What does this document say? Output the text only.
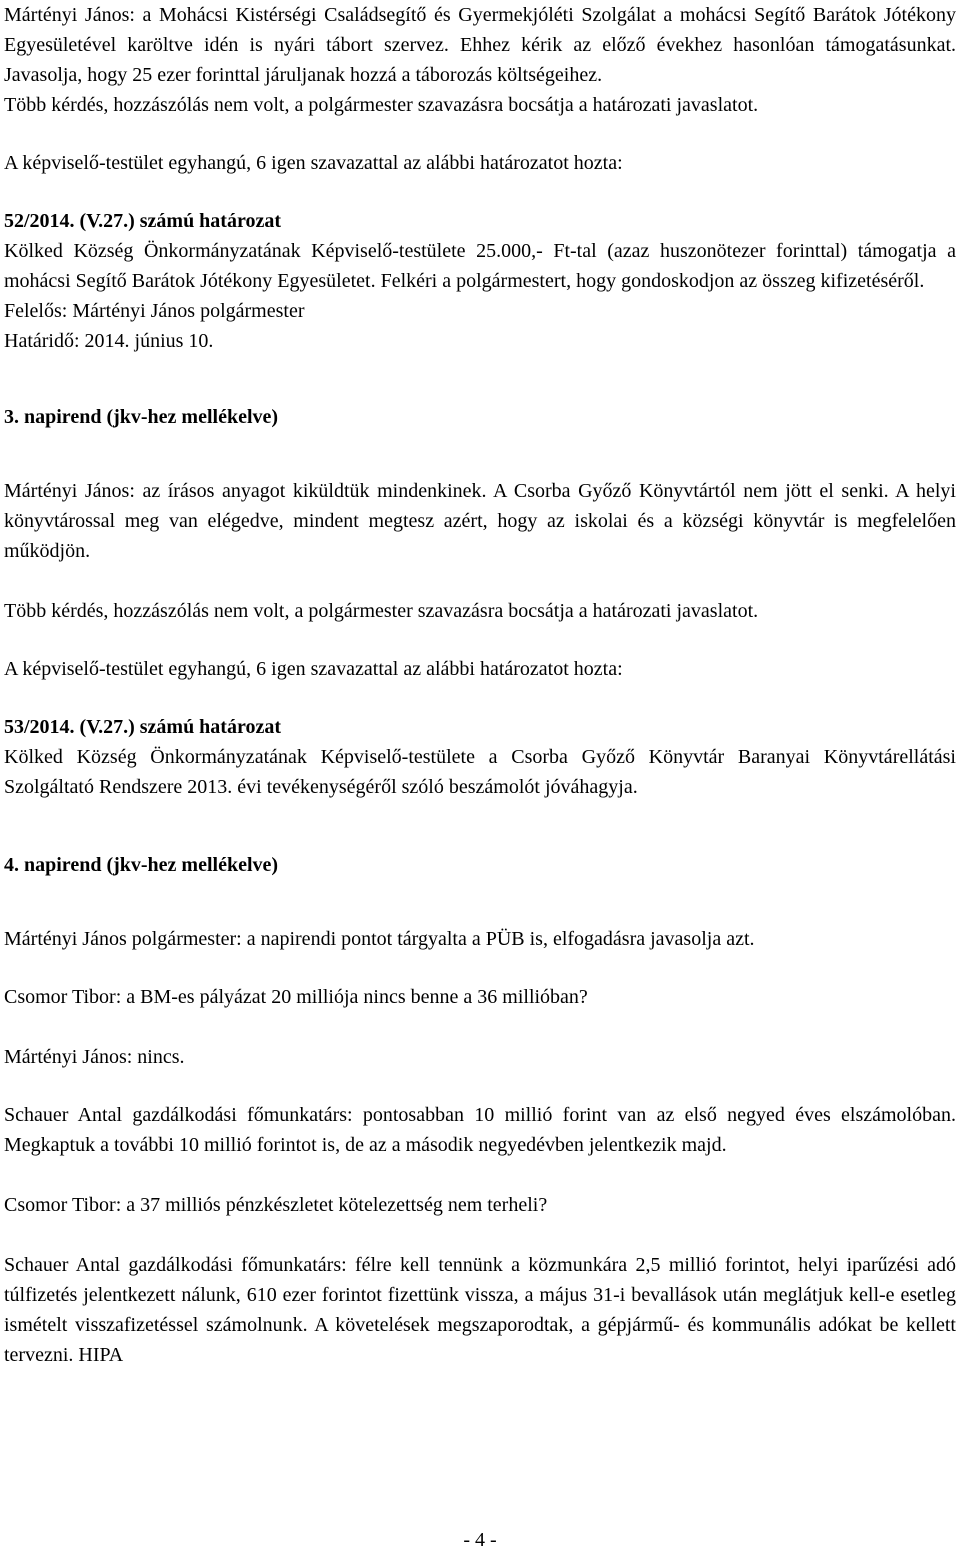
Mártényi János: a Mohácsi Kistérségi Családsegítő és Gyermekjóléti Szolgálat a mohácsi Segítő Barátok Jótékony Egyesületével karöltve idén is nyári tábort szervez. Ehhez kérik az előző évekhez hasonlóan támogatásunkat. Javasolja, hogy 25 ezer forinttal járuljanak hozzá a táborozás költségeihez.

Több kérdés, hozzászólás nem volt, a polgármester szavazásra bocsátja a határozati javaslatot.

A képviselő-testület egyhangú, 6 igen szavazattal az alábbi határozatot hozta:

52/2014. (V.27.) számú határozat

Kölked Község Önkormányzatának Képviselő-testülete 25.000,- Ft-tal (azaz huszonötezer forinttal) támogatja a mohácsi Segítő Barátok Jótékony Egyesületet. Felkéri a polgármestert, hogy gondoskodjon az összeg kifizetéséről.

Felelős: Mártényi János polgármester

Határidő: 2014. június 10.

3. napirend (jkv-hez mellékelve)

Mártényi János: az írásos anyagot kiküldtük mindenkinek. A Csorba Győző Könyvtártól nem jött el senki. A helyi könyvtárossal meg van elégedve, mindent megtesz azért, hogy az iskolai és a községi könyvtár is megfelelően működjön.

Több kérdés, hozzászólás nem volt, a polgármester szavazásra bocsátja a határozati javaslatot.

A képviselő-testület egyhangú, 6 igen szavazattal az alábbi határozatot hozta:

53/2014. (V.27.) számú határozat

Kölked Község Önkormányzatának Képviselő-testülete a Csorba Győző Könyvtár Baranyai Könyvtárellátási Szolgáltató Rendszere 2013. évi tevékenységéről szóló beszámolót jóváhagyja.

4. napirend (jkv-hez mellékelve)

Mártényi János polgármester: a napirendi pontot tárgyalta a PÜB is, elfogadásra javasolja azt.

Csomor Tibor: a BM-es pályázat 20 milliója nincs benne a 36 millióban?

Mártényi János: nincs.

Schauer Antal gazdálkodási főmunkatárs: pontosabban 10 millió forint van az első negyed éves elszámolóban. Megkaptuk a további 10 millió forintot is, de az a második negyedévben jelentkezik majd.

Csomor Tibor: a 37 milliós pénzkészletet kötelezettség nem terheli?

Schauer Antal gazdálkodási főmunkatárs: félre kell tennünk a közmunkára 2,5 millió forintot, helyi iparűzési adó túlfizetés jelentkezett nálunk, 610 ezer forintot fizettünk vissza, a május 31-i bevallások után meglátjuk kell-e esetleg ismételt visszafizetéssel számolnunk. A követelések megszaporodtak, a gépjármű- és kommunális adókat be kellett tervezni. HIPA

- 4 -
